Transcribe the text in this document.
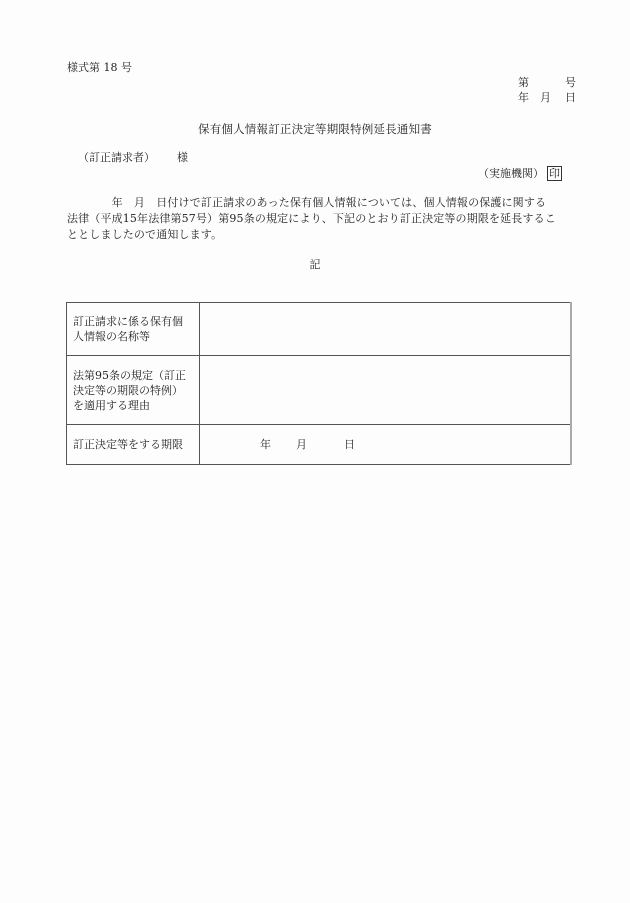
様式第 18 号
第	号
年 月 日
保有個人情報訂正決定等期限特例延長通知書
（訂正請求者） 様
（実施機関） 印
　　　　年　月　日付けで訂正請求のあった保有個人情報については、個人情報の保護に関する
法律（平成15年法律第57号）第95条の規定により、下記のとおり訂正決定等の期限を延長するこ
ととしましたので通知します。
記
訂正請求に係る保有個
人情報の名称等	

法第95条の規定（訂正
決定等の期限の特例）
を適用する理由	

訂正決定等をする期限	年 月 日
